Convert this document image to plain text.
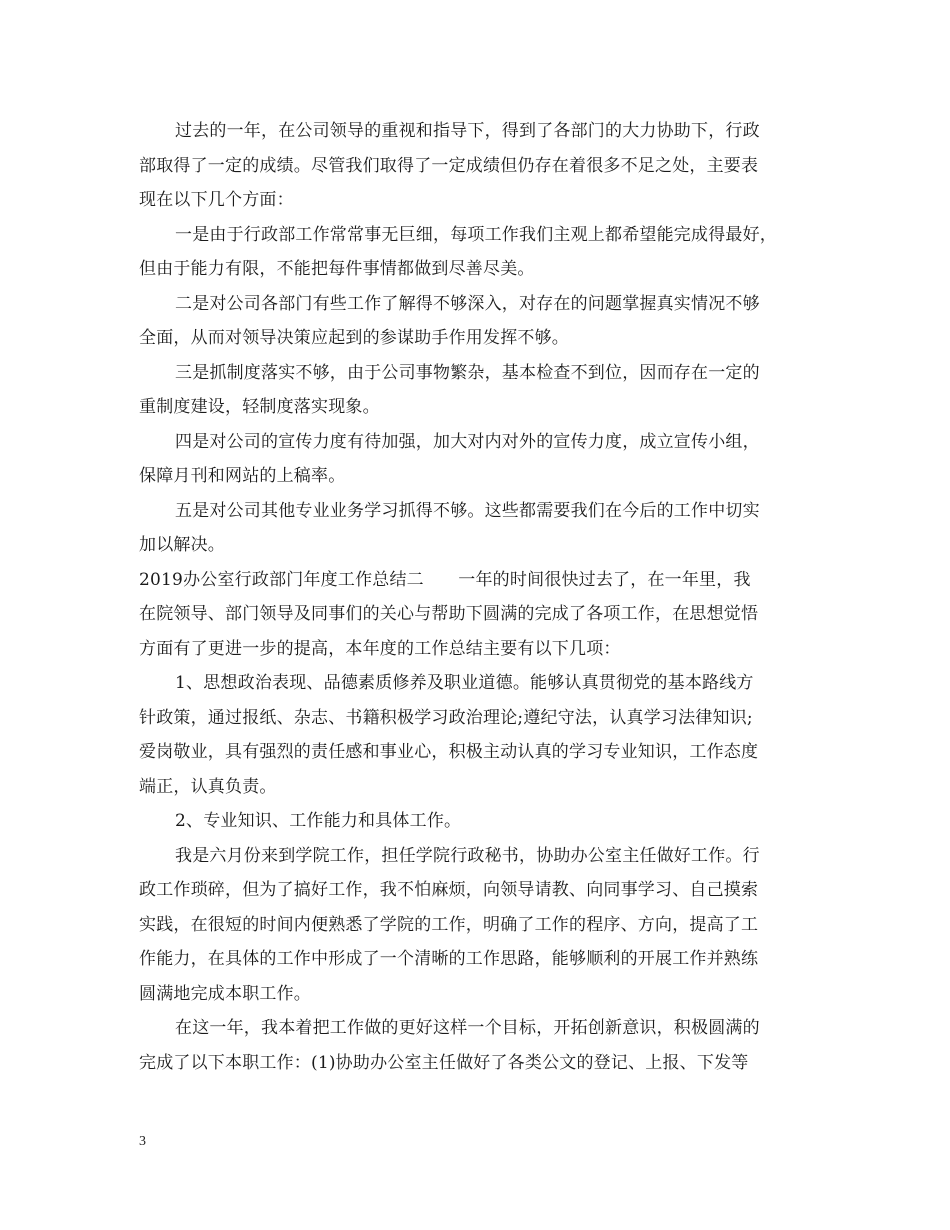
过去的一年，在公司领导的重视和指导下，得到了各部门的大力协助下，行政
部取得了一定的成绩。尽管我们取得了一定成绩但仍存在着很多不足之处，主要表
现在以下几个方面：
一是由于行政部工作常常事无巨细，每项工作我们主观上都希望能完成得最好，
但由于能力有限，不能把每件事情都做到尽善尽美。
二是对公司各部门有些工作了解得不够深入，对存在的问题掌握真实情况不够
全面，从而对领导决策应起到的参谋助手作用发挥不够。
三是抓制度落实不够，由于公司事物繁杂，基本检查不到位，因而存在一定的
重制度建设，轻制度落实现象。
四是对公司的宣传力度有待加强，加大对内对外的宣传力度，成立宣传小组，
保障月刊和网站的上稿率。
五是对公司其他专业业务学习抓得不够。这些都需要我们在今后的工作中切实
加以解决。
2019办公室行政部门年度工作总结二　　一年的时间很快过去了，在一年里，我
在院领导、部门领导及同事们的关心与帮助下圆满的完成了各项工作，在思想觉悟
方面有了更进一步的提高，本年度的工作总结主要有以下几项：
1、思想政治表现、品德素质修养及职业道德。能够认真贯彻党的基本路线方
针政策，通过报纸、杂志、书籍积极学习政治理论;遵纪守法，认真学习法律知识;
爱岗敬业，具有强烈的责任感和事业心，积极主动认真的学习专业知识，工作态度
端正，认真负责。
2、专业知识、工作能力和具体工作。
我是六月份来到学院工作，担任学院行政秘书，协助办公室主任做好工作。行
政工作琐碎，但为了搞好工作，我不怕麻烦，向领导请教、向同事学习、自己摸索
实践，在很短的时间内便熟悉了学院的工作，明确了工作的程序、方向，提高了工
作能力，在具体的工作中形成了一个清晰的工作思路，能够顺利的开展工作并熟练
圆满地完成本职工作。
在这一年，我本着把工作做的更好这样一个目标，开拓创新意识，积极圆满的
完成了以下本职工作：(1)协助办公室主任做好了各类公文的登记、上报、下发等
3
